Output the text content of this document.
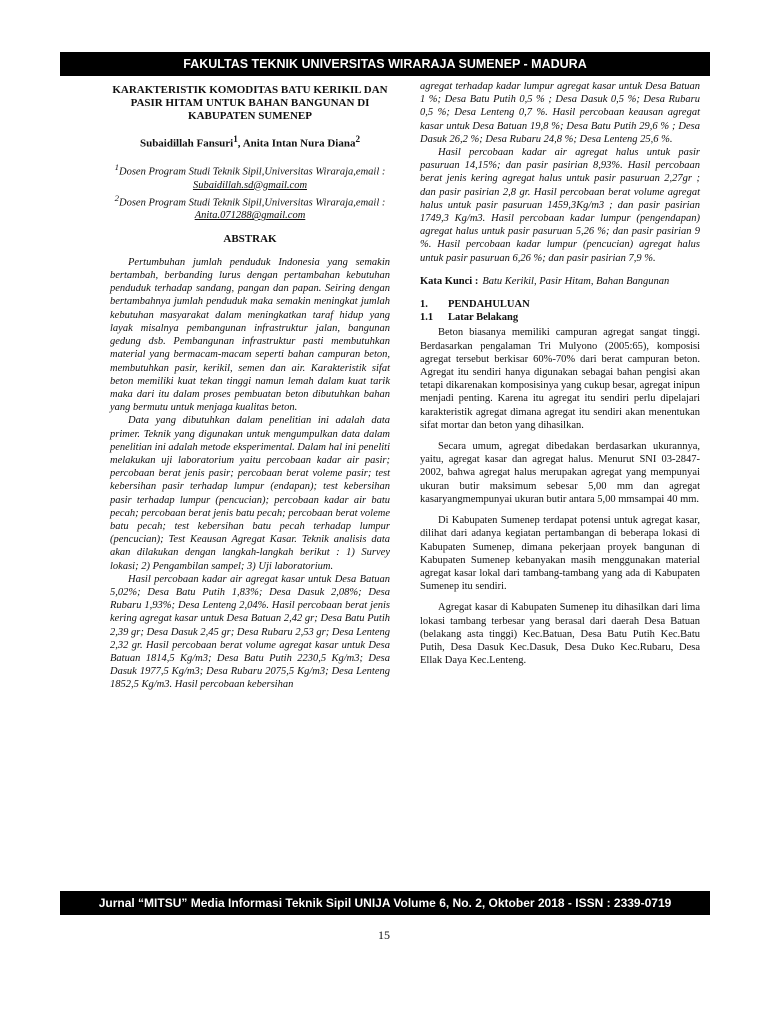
FAKULTAS TEKNIK UNIVERSITAS WIRARAJA SUMENEP - MADURA
KARAKTERISTIK KOMODITAS BATU KERIKIL DAN PASIR HITAM UNTUK BAHAN BANGUNAN DI KABUPATEN SUMENEP
Subaidillah Fansuri$^1$, Anita Intan Nura Diana$^2$

$^1$Dosen Program Studi Teknik Sipil,Universitas Wiraraja,email : Subaidillah.sd@gmail.com

$^2$Dosen Program Studi Teknik Sipil,Universitas Wiraraja,email : Anita.071288@gmail.com

ABSTRAK

Pertumbuhan jumlah penduduk Indonesia yang semakin bertambah, berbanding lurus dengan pertambahan kebutuhan penduduk terhadap sandang, pangan dan papan. Seiring dengan bertambahnya jumlah penduduk maka semakin meningkat jumlah kebutuhan masyarakat dalam meningkatkan taraf hidup yang layak misalnya pembangunan infrastruktur jalan, bangunan gedung dsb. Pembangunan infrastruktur pasti membutuhkan material yang bermacam-macam seperti bahan campuran beton, membutuhkan pasir, kerikil, semen dan air. Karakteristik sifat beton memiliki kuat tekan tinggi namun lemah dalam kuat tarik maka dari itu dalam proses pembuatan beton dibutuhkan bahan yang bermutu untuk menjaga kualitas beton.

Data yang dibutuhkan dalam penelitian ini adalah data primer. Teknik yang digunakan untuk mengumpulkan data dalam penelitian ini adalah metode eksperimental. Dalam hal ini peneliti melakukan uji laboratorium yaitu percobaan kadar air pasir; percobaan berat jenis pasir; percobaan berat voleme pasir; test kebersihan pasir terhadap lumpur (endapan); test kebersihan pasir terhadap lumpur (pencucian); percobaan kadar air batu pecah; percobaan berat jenis batu pecah; percobaan berat voleme batu pecah; test kebersihan batu pecah terhadap lumpur (pencucian); Test Keausan Agregat Kasar. Teknik analisis data akan dilakukan dengan langkah-langkah berikut : 1) Survey lokasi; 2) Pengambilan sampel; 3) Uji laboratorium.

Hasil percobaan kadar air agregat kasar untuk Desa Batuan 5,02%; Desa Batu Putih 1,83%; Desa Dasuk 2,08%; Desa Rubaru 1,93%; Desa Lenteng 2,04%. Hasil percobaan berat jenis kering agregat kasar untuk Desa Batuan 2,42 gr; Desa Batu Putih 2,39 gr; Desa Dasuk 2,45 gr; Desa Rubaru 2,53 gr; Desa Lenteng 2,32 gr. Hasil percobaan berat volume agregat kasar untuk Desa Batuan 1814,5 Kg/m3; Desa Batu Putih 2230,5 Kg/m3; Desa Dasuk 1977,5 Kg/m3; Desa Rubaru 2075,5 Kg/m3; Desa Lenteng 1852,5 Kg/m3. Hasil percobaan kebersihan

agregat terhadap kadar lumpur agregat kasar untuk Desa Batuan 1 %; Desa Batu Putih 0,5 % ; Desa Dasuk 0,5 %; Desa Rubaru 0,5 %; Desa Lenteng 0,7 %. Hasil percobaan keausan agregat kasar untuk Desa Batuan 19,8 %; Desa Batu Putih 29,6 % ; Desa Dasuk 26,2 %; Desa Rubaru 24,8 %; Desa Lenteng 25,6 %.

Hasil percobaan kadar air agregat halus untuk pasir pasuruan 14,15%; dan pasir pasirian 8,93%. Hasil percobaan berat jenis kering agregat halus untuk pasir pasuruan 2,27gr ; dan pasir pasirian 2,8 gr. Hasil percobaan berat volume agregat halus untuk pasir pasuruan 1459,3Kg/m3 ; dan pasir pasirian 1749,3 Kg/m3. Hasil percobaan kadar lumpur (pengendapan) agregat halus untuk pasir pasuruan 5,26 %; dan pasir pasirian 9 %. Hasil percobaan kadar lumpur (pencucian) agregat halus untuk pasir pasuruan 6,26 %; dan pasir pasirian 7,9 %.

Kata Kunci : Batu Kerikil, Pasir Hitam, Bahan Bangunan
1.	PENDAHULUAN
1.1	Latar Belakang

Beton biasanya memiliki campuran agregat sangat tinggi. Berdasarkan pengalaman Tri Mulyono (2005:65), komposisi agregat tersebut berkisar 60%-70% dari berat campuran beton. Agregat itu sendiri hanya digunakan sebagai bahan pengisi akan tetapi dikarenakan komposisinya yang cukup besar, agregat inipun menjadi penting. Karena itu agregat itu sendiri perlu dipelajari karakteristik agregat dimana agregat itu sendiri akan menentukan sifat mortar dan beton yang dihasilkan.

Secara umum, agregat dibedakan berdasarkan ukurannya, yaitu, agregat kasar dan agregat halus. Menurut SNI 03-2847-2002, bahwa agregat halus merupakan agregat yang mempunyai ukuran butir maksimum sebesar 5,00 mm dan agregat kasaryangmempunyai ukuran butir antara 5,00 mmsampai 40 mm.

Di Kabupaten Sumenep terdapat potensi untuk agregat kasar, dilihat dari adanya kegiatan pertambangan di beberapa lokasi di Kabupaten Sumenep, dimana pekerjaan proyek bangunan di Kabupaten Sumenep kebanyakan masih menggunakan material agregat kasar lokal dari tambang-tambang yang ada di Kabupaten Sumenep itu sendiri.

Agregat kasar di Kabupaten Sumenep itu dihasilkan dari lima lokasi tambang terbesar yang berasal dari daerah Desa Batuan (belakang asta tinggi) Kec.Batuan, Desa Batu Putih Kec.Batu Putih, Desa Dasuk Kec.Dasuk, Desa Duko Kec.Rubaru, Desa Ellak Daya Kec.Lenteng.

Jurnal “MITSU” Media Informasi Teknik Sipil UNIJA Volume 6, No. 2, Oktober 2018 - ISSN : 2339-0719
15
